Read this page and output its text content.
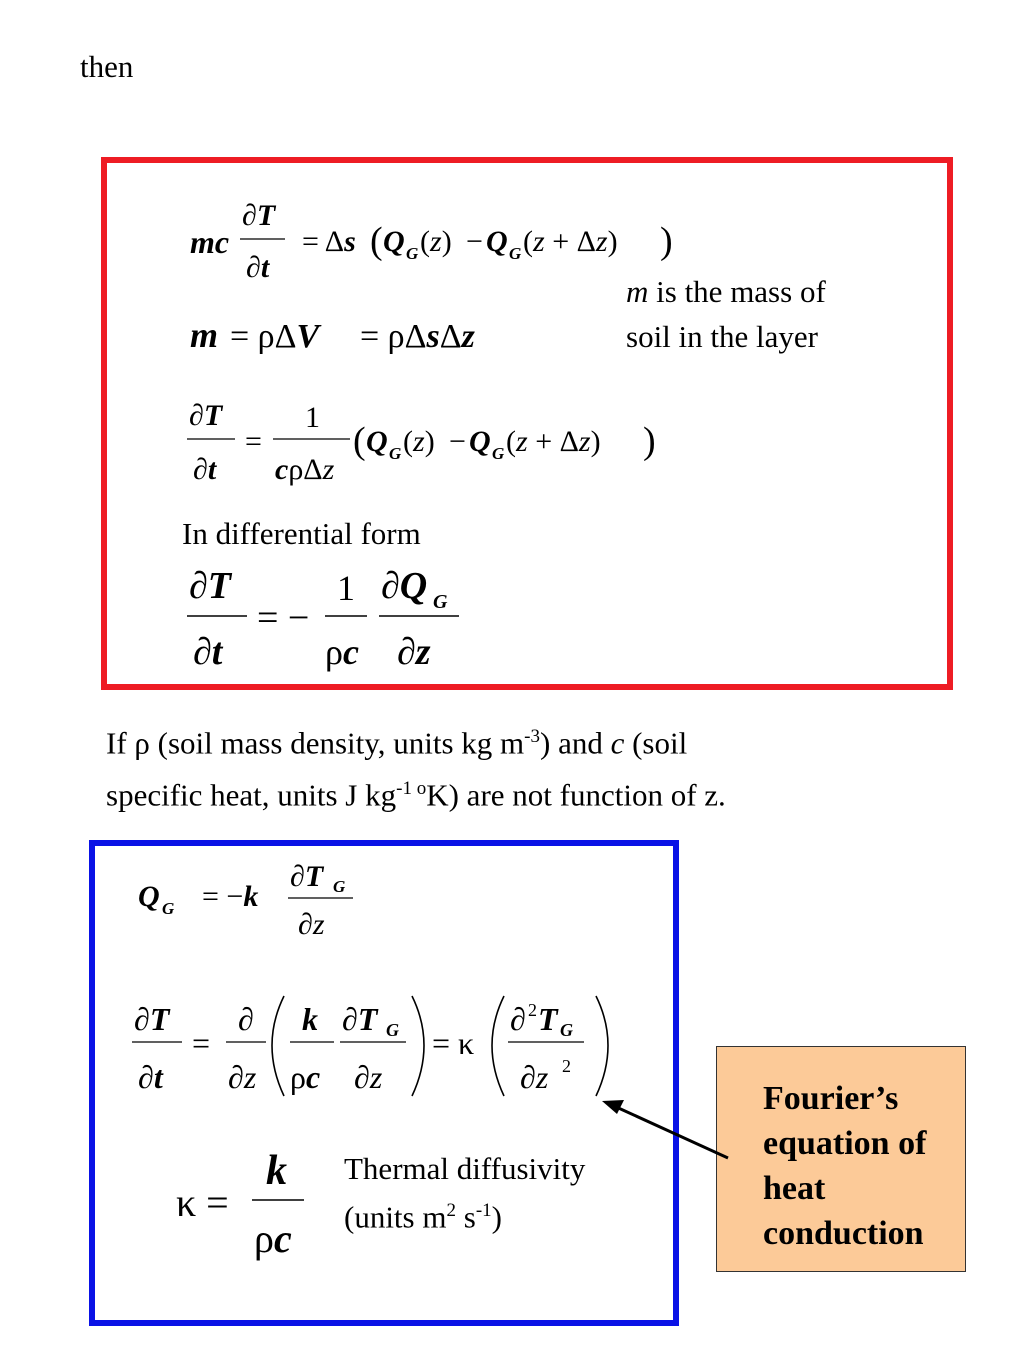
then
mc
∂T
∂t
= Δs ( Q G (z) − Q G (z + Δz) )
m = ρΔV = ρΔsΔz
m is the mass of
soil in the layer
∂T
∂t
=
1
cρΔz
( Q G (z) − Q G (z + Δz) )
In differential form
∂T
∂t
= −
1
ρc
∂Q G
∂z
If ρ (soil mass density, units kg $m^{-3}$) and c (soil
specific heat, units J $kg^{-1 o}K$) are not function of z.
Q G = −k
∂T G
∂z
∂T
∂t
=
∂
∂z
k
ρc
∂T G
∂z
= κ
∂ 2 T G
∂z 2
κ =
k
ρc
Thermal diffusivity
(units $m^2$ $s^{-1}$)
Fourier’s
equation of
heat
conduction
